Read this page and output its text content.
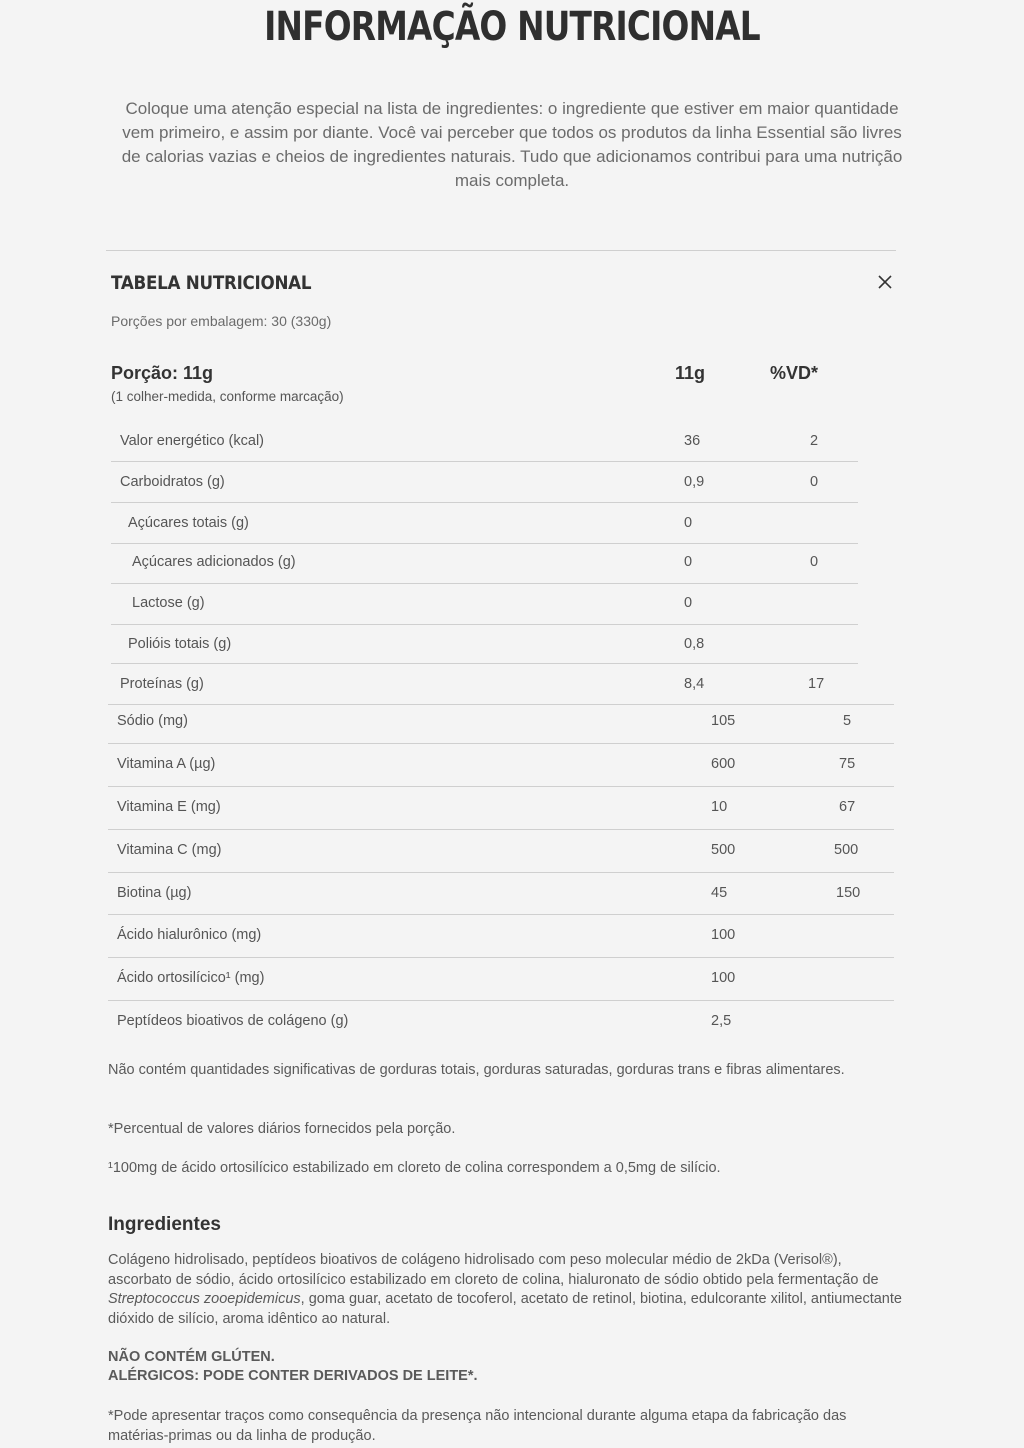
INFORMAÇÃO NUTRICIONAL

Coloque uma atenção especial na lista de ingredientes: o ingrediente que estiver em maior quantidade vem primeiro, e assim por diante. Você vai perceber que todos os produtos da linha Essential são livres de calorias vazias e cheios de ingredientes naturais. Tudo que adicionamos contribui para uma nutrição mais completa.

TABELA NUTRICIONAL
Porções por embalagem: 30 (330g)
Porção: 11g
(1 colher-medida, conforme marcação)
11g	%VD*
Valor energético (kcal)	36	2
Carboidratos (g)	0,9	0
Açúcares totais (g)	0
Açúcares adicionados (g)	0	0
Lactose (g)	0
Polióis totais (g)	0,8
Proteínas (g)	8,4	17
Sódio (mg)	105	5
Vitamina A (µg)	600	75
Vitamina E (mg)	10	67
Vitamina C (mg)	500	500
Biotina (µg)	45	150
Ácido hialurônico (mg)	100
Ácido ortosilícico¹ (mg)	100
Peptídeos bioativos de colágeno (g)	2,5

Não contém quantidades significativas de gorduras totais, gorduras saturadas, gorduras trans e fibras alimentares.

*Percentual de valores diários fornecidos pela porção.

¹100mg de ácido ortosilícico estabilizado em cloreto de colina correspondem a 0,5mg de silício.

Ingredientes

Colágeno hidrolisado, peptídeos bioativos de colágeno hidrolisado com peso molecular médio de 2kDa (Verisol®), ascorbato de sódio, ácido ortosilícico estabilizado em cloreto de colina, hialuronato de sódio obtido pela fermentação de Streptococcus zooepidemicus, goma guar, acetato de tocoferol, acetato de retinol, biotina, edulcorante xilitol, antiumectante dióxido de silício, aroma idêntico ao natural.

NÃO CONTÉM GLÚTEN.
ALÉRGICOS: PODE CONTER DERIVADOS DE LEITE*.

*Pode apresentar traços como consequência da presença não intencional durante alguma etapa da fabricação das matérias-primas ou da linha de produção.
